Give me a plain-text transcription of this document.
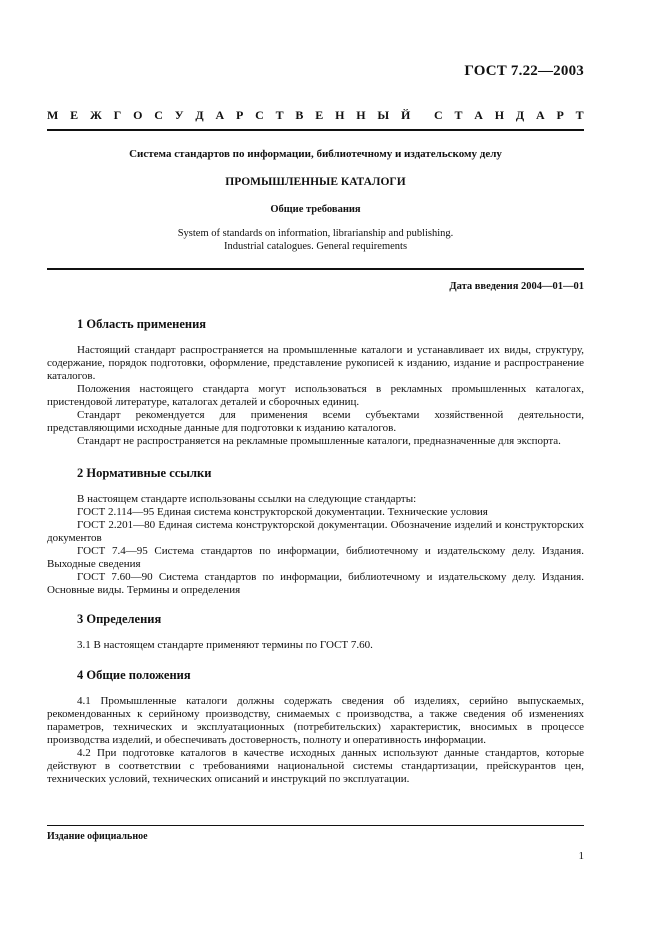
ГОСТ 7.22—2003
М Е Ж Г О С У Д А Р С Т В Е Н Н Ы Й С Т А Н Д А Р Т
Система стандартов по информации, библиотечному и издательскому делу
ПРОМЫШЛЕННЫЕ КАТАЛОГИ
Общие требования
System of standards on information, librarianship and publishing.
Industrial catalogues. General requirements
Дата введения 2004—01—01
1 Область применения

Настоящий стандарт распространяется на промышленные каталоги и устанавливает их виды, структуру, содержание, порядок подготовки, оформление, представление рукописей к изданию, издание и распространение каталогов.

Положения настоящего стандарта могут использоваться в рекламных промышленных каталогах, пристендовой литературе, каталогах деталей и сборочных единиц.

Стандарт рекомендуется для применения всеми субъектами хозяйственной деятельности, представляющими исходные данные для подготовки к изданию каталогов.

Стандарт не распространяется на рекламные промышленные каталоги, предназначенные для экспорта.

2 Нормативные ссылки

В настоящем стандарте использованы ссылки на следующие стандарты:

ГОСТ 2.114—95 Единая система конструкторской документации. Технические условия

ГОСТ 2.201—80 Единая система конструкторской документации. Обозначение изделий и конструкторских документов

ГОСТ 7.4—95 Система стандартов по информации, библиотечному и издательскому делу. Издания. Выходные сведения

ГОСТ 7.60—90 Система стандартов по информации, библиотечному и издательскому делу. Издания. Основные виды. Термины и определения

3 Определения

3.1 В настоящем стандарте применяют термины по ГОСТ 7.60.

4 Общие положения

4.1 Промышленные каталоги должны содержать сведения об изделиях, серийно выпускаемых, рекомендованных к серийному производству, снимаемых с производства, а также сведения об изменениях параметров, технических и эксплуатационных (потребительских) характеристик, вносимых в процессе производства изделий, и обеспечивать достоверность, полноту и оперативность информации.

4.2 При подготовке каталогов в качестве исходных данных используют данные стандартов, которые действуют в соответствии с требованиями национальной системы стандартизации, прейскурантов цен, технических условий, технических описаний и инструкций по эксплуатации.

Издание официальное
1
